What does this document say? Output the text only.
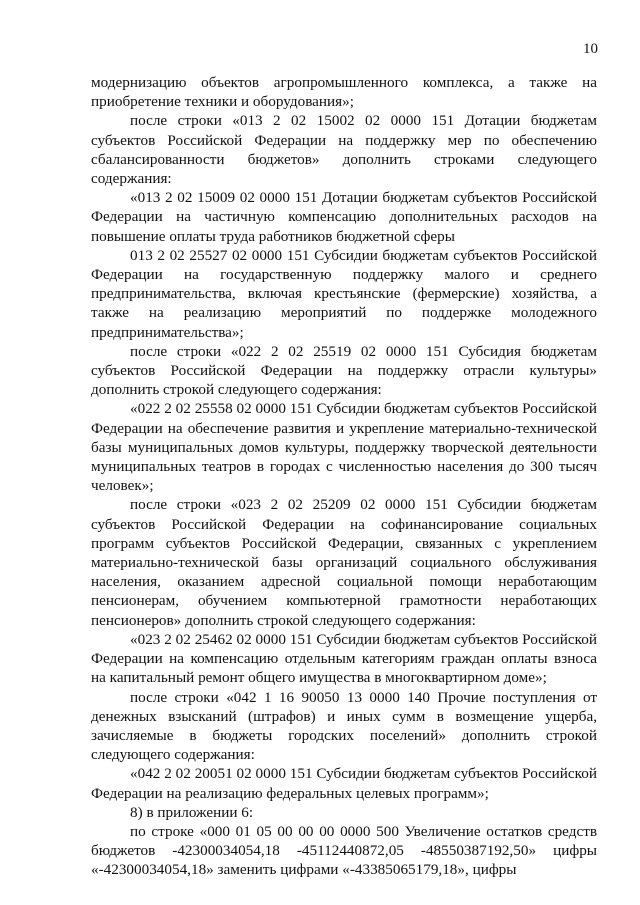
10

модернизацию объектов агропромышленного комплекса, а также на приобретение техники и оборудования»;

после строки «013 2 02 15002 02 0000 151 Дотации бюджетам субъектов Российской Федерации на поддержку мер по обеспечению сбалансированности бюджетов» дополнить строками следующего содержания:

«013 2 02 15009 02 0000 151 Дотации бюджетам субъектов Российской Федерации на частичную компенсацию дополнительных расходов на повышение оплаты труда работников бюджетной сферы

013 2 02 25527 02 0000 151 Субсидии бюджетам субъектов Российской Федерации на государственную поддержку малого и среднего предпринимательства, включая крестьянские (фермерские) хозяйства, а также на реализацию мероприятий по поддержке молодежного предпринимательства»;

после строки «022 2 02 25519 02 0000 151 Субсидия бюджетам субъектов Российской Федерации на поддержку отрасли культуры» дополнить строкой следующего содержания:

«022 2 02 25558 02 0000 151 Субсидии бюджетам субъектов Российской Федерации на обеспечение развития и укрепление материально-технической базы муниципальных домов культуры, поддержку творческой деятельности муниципальных театров в городах с численностью населения до 300 тысяч человек»;

после строки «023 2 02 25209 02 0000 151 Субсидии бюджетам субъектов Российской Федерации на софинансирование социальных программ субъектов Российской Федерации, связанных с укреплением материально-технической базы организаций социального обслуживания населения, оказанием адресной социальной помощи неработающим пенсионерам, обучением компьютерной грамотности неработающих пенсионеров» дополнить строкой следующего содержания:

«023 2 02 25462 02 0000 151 Субсидии бюджетам субъектов Российской Федерации на компенсацию отдельным категориям граждан оплаты взноса на капитальный ремонт общего имущества в многоквартирном доме»;

после строки «042 1 16 90050 13 0000 140 Прочие поступления от денежных взысканий (штрафов) и иных сумм в возмещение ущерба, зачисляемые в бюджеты городских поселений» дополнить строкой следующего содержания:

«042 2 02 20051 02 0000 151 Субсидии бюджетам субъектов Российской Федерации на реализацию федеральных целевых программ»;

8) в приложении 6:

по строке «000 01 05 00 00 00 0000 500 Увеличение остатков средств бюджетов -42300034054,18 -45112440872,05 -48550387192,50» цифры «-42300034054,18» заменить цифрами «-43385065179,18», цифры
